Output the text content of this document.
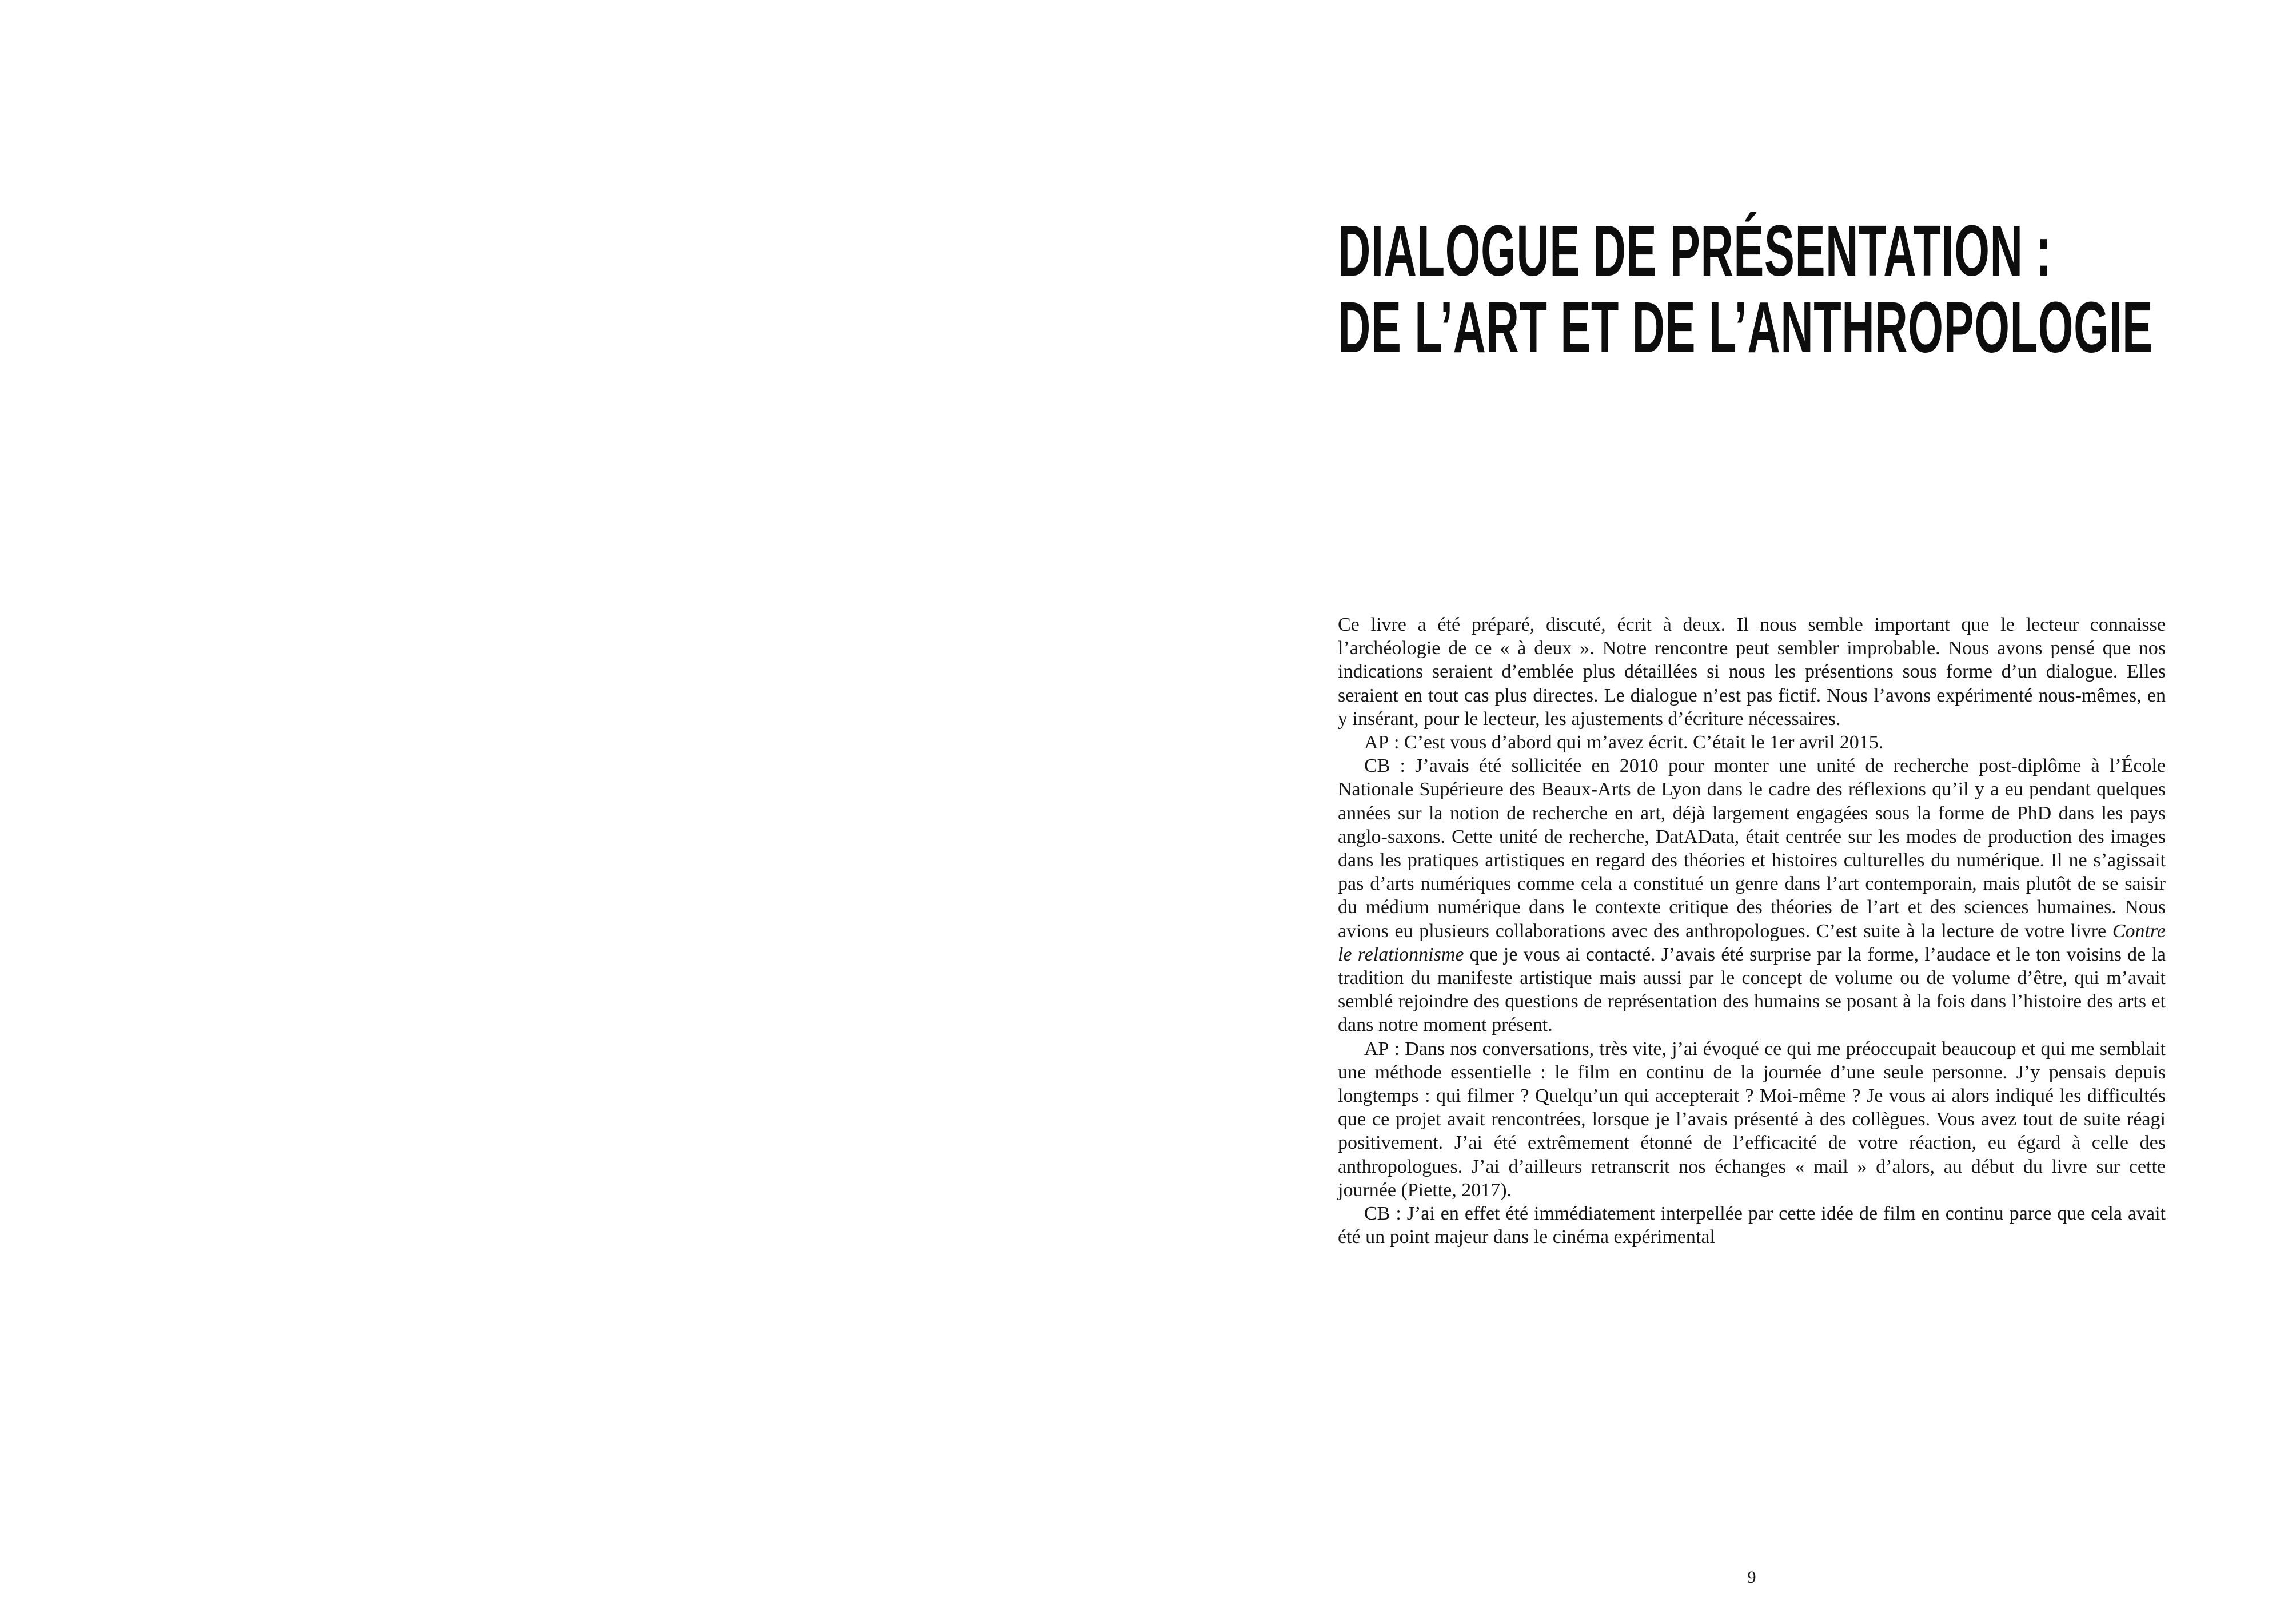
DIALOGUE DE PRÉSENTATION :
DE L’ART ET DE L’ANTHROPOLOGIE

Ce livre a été préparé, discuté, écrit à deux. Il nous semble important que le lecteur connaisse l’archéologie de ce « à deux ». Notre rencontre peut sembler improbable. Nous avons pensé que nos indications seraient d’emblée plus détaillées si nous les présentions sous forme d’un dialogue. Elles seraient en tout cas plus directes. Le dialogue n’est pas fictif. Nous l’avons expérimenté nous-mêmes, en y insérant, pour le lecteur, les ajustements d’écriture nécessaires.

AP : C’est vous d’abord qui m’avez écrit. C’était le 1er avril 2015.

CB : J’avais été sollicitée en 2010 pour monter une unité de recherche post-diplôme à l’École Nationale Supérieure des Beaux-Arts de Lyon dans le cadre des réflexions qu’il y a eu pendant quelques années sur la notion de recherche en art, déjà largement engagées sous la forme de PhD dans les pays anglo-saxons. Cette unité de recherche, DatAData, était centrée sur les modes de production des images dans les pratiques artistiques en regard des théories et histoires culturelles du numérique. Il ne s’agissait pas d’arts numériques comme cela a constitué un genre dans l’art contemporain, mais plutôt de se saisir du médium numérique dans le contexte critique des théories de l’art et des sciences humaines. Nous avions eu plusieurs collaborations avec des anthropologues. C’est suite à la lecture de votre livre Contre le relationnisme que je vous ai contacté. J’avais été surprise par la forme, l’audace et le ton voisins de la tradition du manifeste artistique mais aussi par le concept de volume ou de volume d’être, qui m’avait semblé rejoindre des questions de représentation des humains se posant à la fois dans l’histoire des arts et dans notre moment présent.

AP : Dans nos conversations, très vite, j’ai évoqué ce qui me préoccupait beaucoup et qui me semblait une méthode essentielle : le film en continu de la journée d’une seule personne. J’y pensais depuis longtemps : qui filmer ? Quelqu’un qui accepterait ? Moi-même ? Je vous ai alors indiqué les difficultés que ce projet avait rencontrées, lorsque je l’avais présenté à des collègues. Vous avez tout de suite réagi positivement. J’ai été extrêmement étonné de l’efficacité de votre réaction, eu égard à celle des anthropologues. J’ai d’ailleurs retranscrit nos échanges « mail » d’alors, au début du livre sur cette journée (Piette, 2017).

CB : J’ai en effet été immédiatement interpellée par cette idée de film en continu parce que cela avait été un point majeur dans le cinéma expérimental

9
